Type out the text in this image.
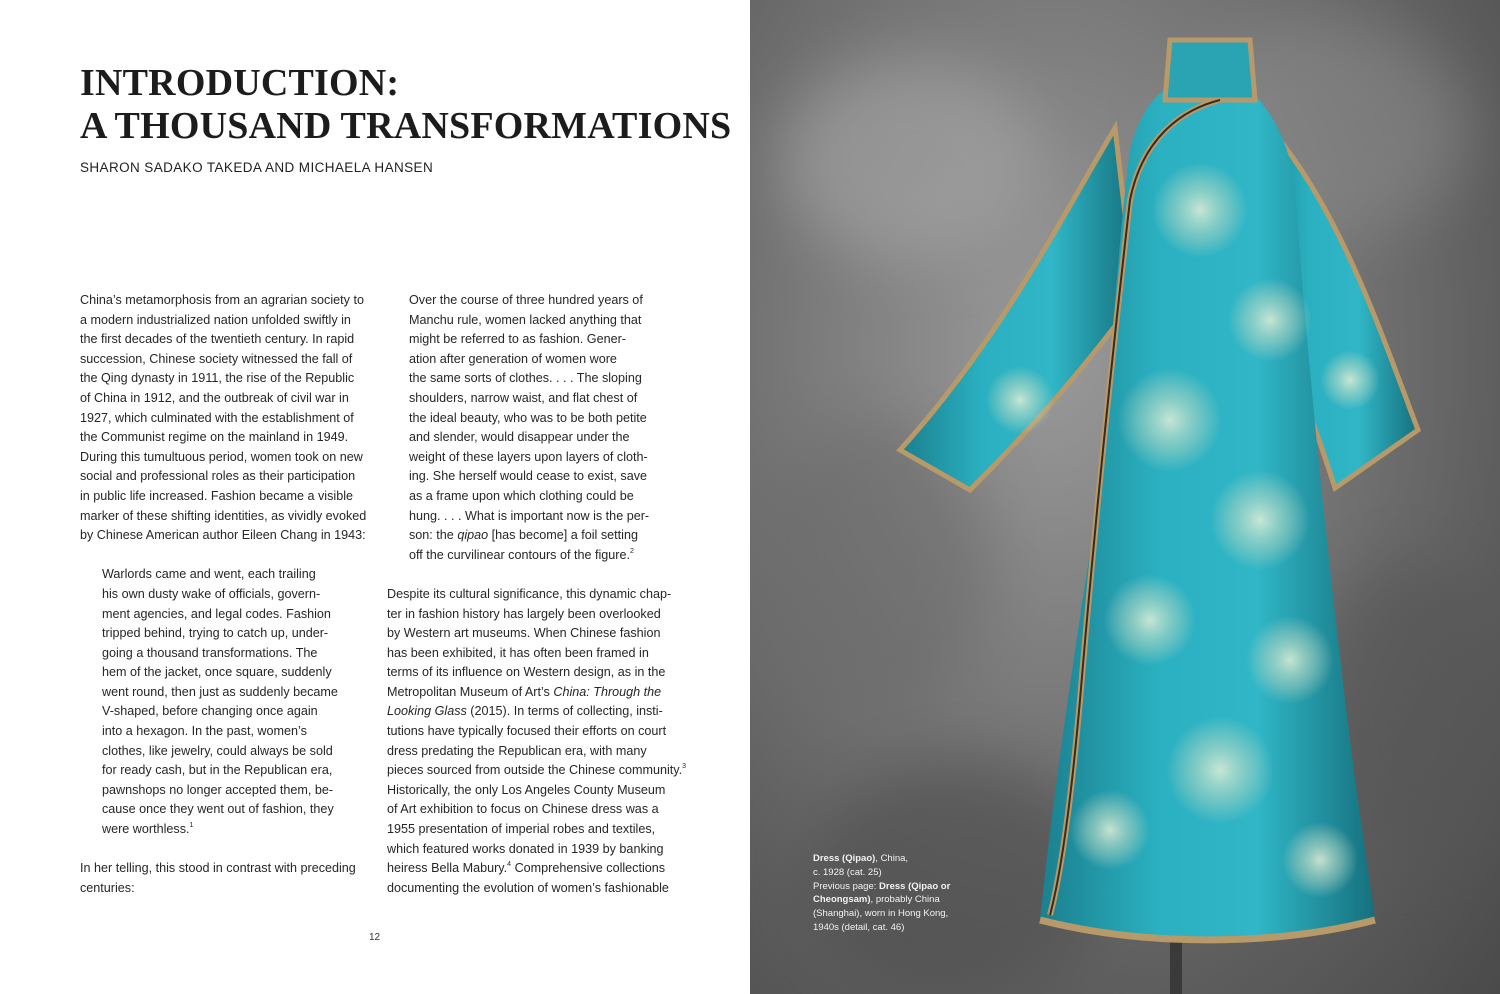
INTRODUCTION:
A THOUSAND TRANSFORMATIONS
SHARON SADAKO TAKEDA AND MICHAELA HANSEN

China’s metamorphosis from an agrarian society to
a modern industrialized nation unfolded swiftly in
the first decades of the twentieth century. In rapid
succession, Chinese society witnessed the fall of
the Qing dynasty in 1911, the rise of the Republic
of China in 1912, and the outbreak of civil war in
1927, which culminated with the establishment of
the Communist regime on the mainland in 1949.
During this tumultuous period, women took on new
social and professional roles as their participation
in public life increased. Fashion became a visible
marker of these shifting identities, as vividly evoked
by Chinese American author Eileen Chang in 1943:

Warlords came and went, each trailing
his own dusty wake of officials, govern-
ment agencies, and legal codes. Fashion
tripped behind, trying to catch up, under-
going a thousand transformations. The
hem of the jacket, once square, suddenly
went round, then just as suddenly became
V-shaped, before changing once again
into a hexagon. In the past, women’s
clothes, like jewelry, could always be sold
for ready cash, but in the Republican era,
pawnshops no longer accepted them, be-
cause once they went out of fashion, they
were worthless.$^1$

In her telling, this stood in contrast with preceding
centuries:

Over the course of three hundred years of
Manchu rule, women lacked anything that
might be referred to as fashion. Gener-
ation after generation of women wore
the same sorts of clothes. . . . The sloping
shoulders, narrow waist, and flat chest of
the ideal beauty, who was to be both petite
and slender, would disappear under the
weight of these layers upon layers of cloth-
ing. She herself would cease to exist, save
as a frame upon which clothing could be
hung. . . . What is important now is the per-
son: the qipao [has become] a foil setting
off the curvilinear contours of the figure.$^2$

Despite its cultural significance, this dynamic chap-
ter in fashion history has largely been overlooked
by Western art museums. When Chinese fashion
has been exhibited, it has often been framed in
terms of its influence on Western design, as in the
Metropolitan Museum of Art’s China: Through the
Looking Glass (2015). In terms of collecting, insti-
tutions have typically focused their efforts on court
dress predating the Republican era, with many
pieces sourced from outside the Chinese community.$^3$
Historically, the only Los Angeles County Museum
of Art exhibition to focus on Chinese dress was a
1955 presentation of imperial robes and textiles,
which featured works donated in 1939 by banking
heiress Bella Mabury.$^4$ Comprehensive collections
documenting the evolution of women’s fashionable

12
Dress (Qipao), China,
c. 1928 (cat. 25)
Previous page: Dress (Qipao or
Cheongsam), probably China
(Shanghai), worn in Hong Kong,
1940s (detail, cat. 46)
